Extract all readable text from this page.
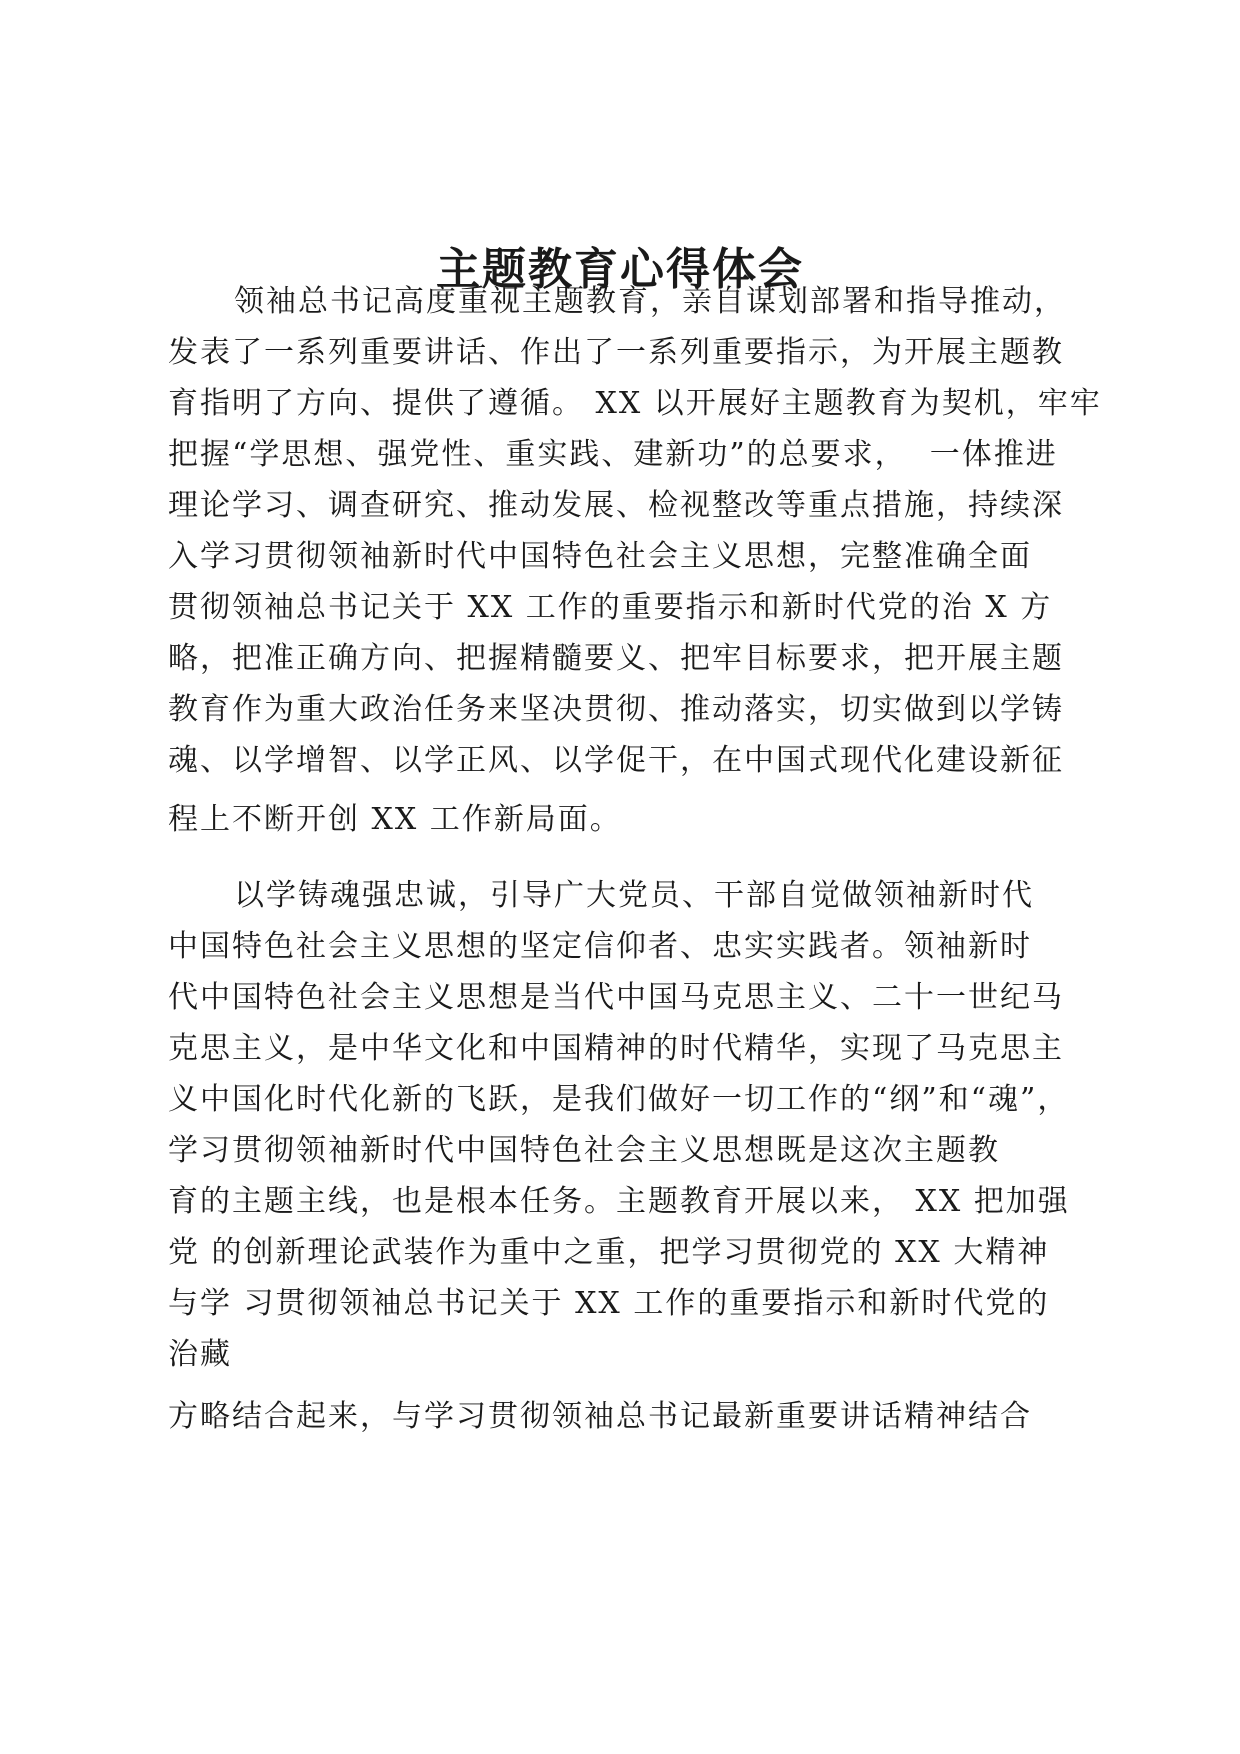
主题教育心得体会
领袖总书记高度重视主题教育，亲自谋划部署和指导推动，
发表了一系列重要讲话、作出了一系列重要指示，为开展主题教
育指明了方向、提供了遵循。 XX 以开展好主题教育为契机，牢牢
把握“学思想、强党性、重实践、建新功”的总要求，  一体推进
理论学习、调查研究、推动发展、检视整改等重点措施，持续深
入学习贯彻领袖新时代中国特色社会主义思想，完整准确全面
贯彻领袖总书记关于 XX 工作的重要指示和新时代党的治 X 方
略，把准正确方向、把握精髓要义、把牢目标要求，把开展主题
教育作为重大政治任务来坚决贯彻、推动落实，切实做到以学铸
魂、以学增智、以学正风、以学促干，在中国式现代化建设新征
程上不断开创 XX 工作新局面。
以学铸魂强忠诚，引导广大党员、干部自觉做领袖新时代
中国特色社会主义思想的坚定信仰者、忠实实践者。领袖新时
代中国特色社会主义思想是当代中国马克思主义、二十一世纪马
克思主义，是中华文化和中国精神的时代精华，实现了马克思主
义中国化时代化新的飞跃，是我们做好一切工作的“纲”和“魂”，
学习贯彻领袖新时代中国特色社会主义思想既是这次主题教
育的主题主线，也是根本任务。主题教育开展以来， XX 把加强
党 的创新理论武装作为重中之重，把学习贯彻党的 XX 大精神
与学 习贯彻领袖总书记关于 XX 工作的重要指示和新时代党的
治藏
方略结合起来，与学习贯彻领袖总书记最新重要讲话精神结合
